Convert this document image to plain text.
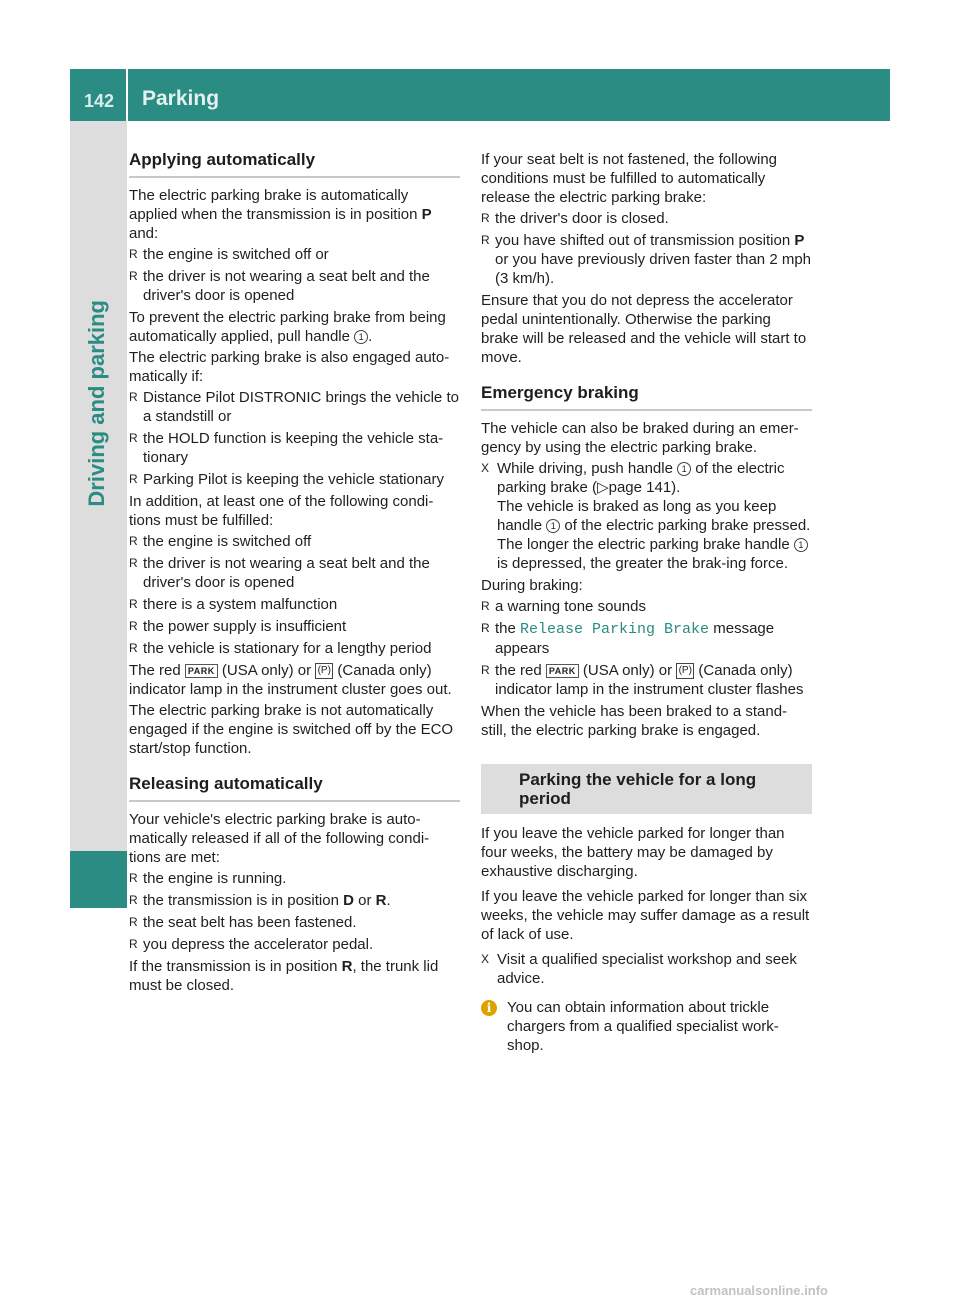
142 Parking
Driving and parking
Applying automatically

The electric parking brake is automatically applied when the transmission is in position P and:

R the engine is switched off or
R the driver is not wearing a seat belt and the driver's door is opened

To prevent the electric parking brake from being automatically applied, pull handle 1 .

The electric parking brake is also engaged auto-matically if:

R Distance Pilot DISTRONIC brings the vehicle to a standstill or
R the HOLD function is keeping the vehicle sta-tionary
R Parking Pilot is keeping the vehicle stationary

In addition, at least one of the following condi-tions must be fulfilled:

R the engine is switched off
R the driver is not wearing a seat belt and the driver's door is opened
R there is a system malfunction
R the power supply is insufficient
R the vehicle is stationary for a lengthy period

The red PARK (USA only) or (P) (Canada only) indicator lamp in the instrument cluster goes out.

The electric parking brake is not automatically engaged if the engine is switched off by the ECO start/stop function.

Releasing automatically

Your vehicle's electric parking brake is auto-matically released if all of the following condi-tions are met:

R the engine is running.
R the transmission is in position D or R.
R the seat belt has been fastened.
R you depress the accelerator pedal.

If the transmission is in position R, the trunk lid must be closed.

If your seat belt is not fastened, the following conditions must be fulfilled to automatically release the electric parking brake:

R the driver's door is closed.
R you have shifted out of transmission position P or you have previously driven faster than 2 mph (3 km/h).

Ensure that you do not depress the accelerator pedal unintentionally. Otherwise the parking brake will be released and the vehicle will start to move.

Emergency braking

The vehicle can also be braked during an emer-gency by using the electric parking brake.

X While driving, push handle 1 of the electric parking brake (▷page 141).
The vehicle is braked as long as you keep handle 1 of the electric parking brake pressed. The longer the electric parking brake handle 1 is depressed, the greater the brak-ing force.

During braking:

R a warning tone sounds
R the Release Parking Brake message appears
R the red PARK (USA only) or (P) (Canada only) indicator lamp in the instrument cluster flashes

When the vehicle has been braked to a stand-still, the electric parking brake is engaged.

Parking the vehicle for a long period

If you leave the vehicle parked for longer than four weeks, the battery may be damaged by exhaustive discharging.

If you leave the vehicle parked for longer than six weeks, the vehicle may suffer damage as a result of lack of use.

X Visit a qualified specialist workshop and seek advice.
i	You can obtain information about trickle chargers from a qualified specialist work-shop.
carmanualsonline.info
